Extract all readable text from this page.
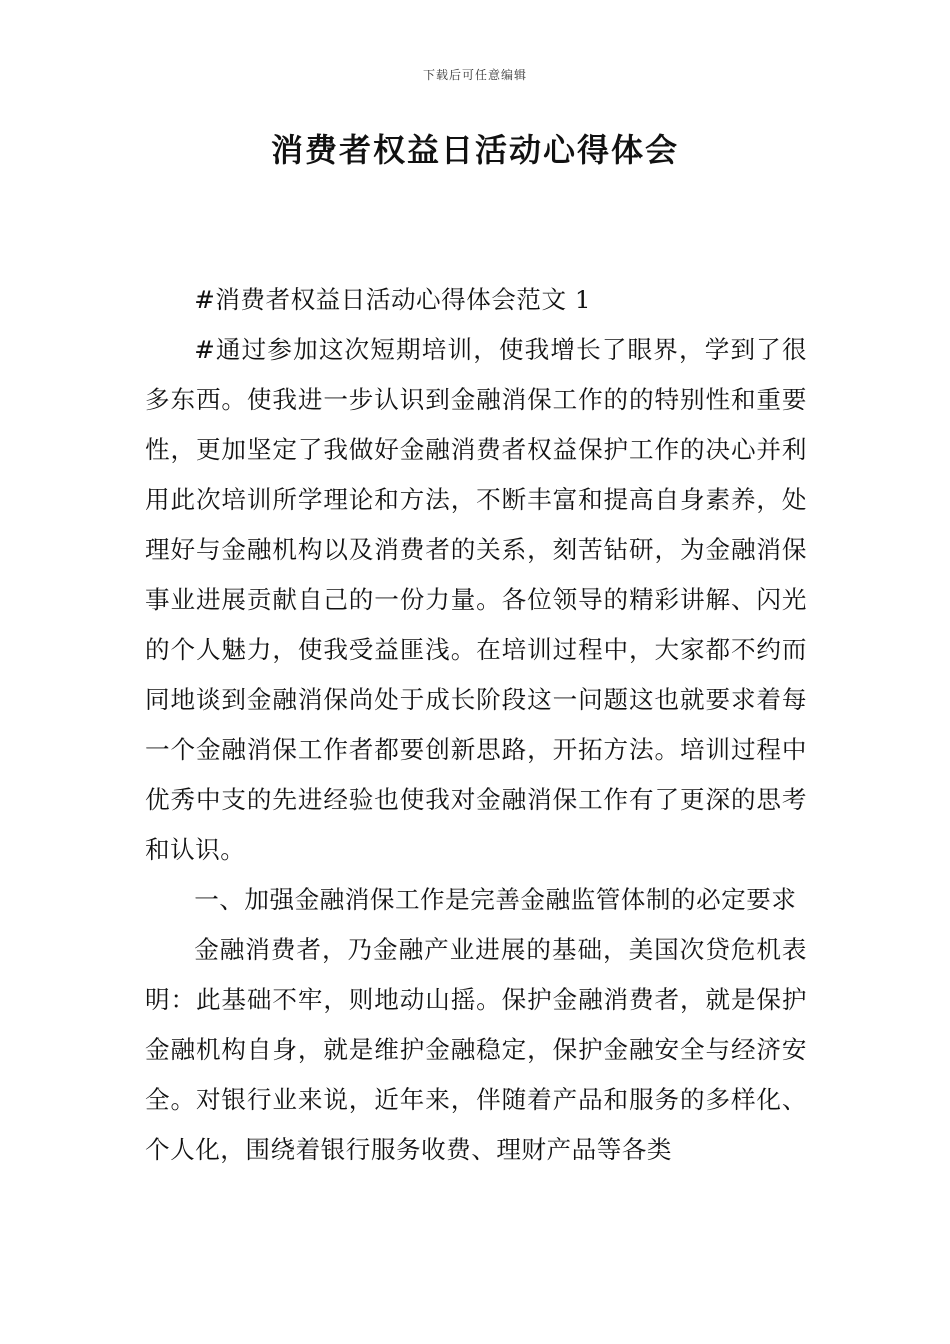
下载后可任意编辑
消费者权益日活动心得体会

#消费者权益日活动心得体会范文 1

#通过参加这次短期培训，使我增长了眼界，学到了很多东西。使我进一步认识到金融消保工作的的特别性和重要性，更加坚定了我做好金融消费者权益保护工作的决心并利用此次培训所学理论和方法，不断丰富和提高自身素养，处理好与金融机构以及消费者的关系，刻苦钻研，为金融消保事业进展贡献自己的一份力量。各位领导的精彩讲解、闪光的个人魅力，使我受益匪浅。在培训过程中，大家都不约而同地谈到金融消保尚处于成长阶段这一问题这也就要求着每一个金融消保工作者都要创新思路，开拓方法。培训过程中优秀中支的先进经验也使我对金融消保工作有了更深的思考和认识。

一、加强金融消保工作是完善金融监管体制的必定要求

金融消费者，乃金融产业进展的基础，美国次贷危机表明：此基础不牢，则地动山摇。保护金融消费者，就是保护金融机构自身，就是维护金融稳定，保护金融安全与经济安全。对银行业来说，近年来，伴随着产品和服务的多样化、个人化，围绕着银行服务收费、理财产品等各类
